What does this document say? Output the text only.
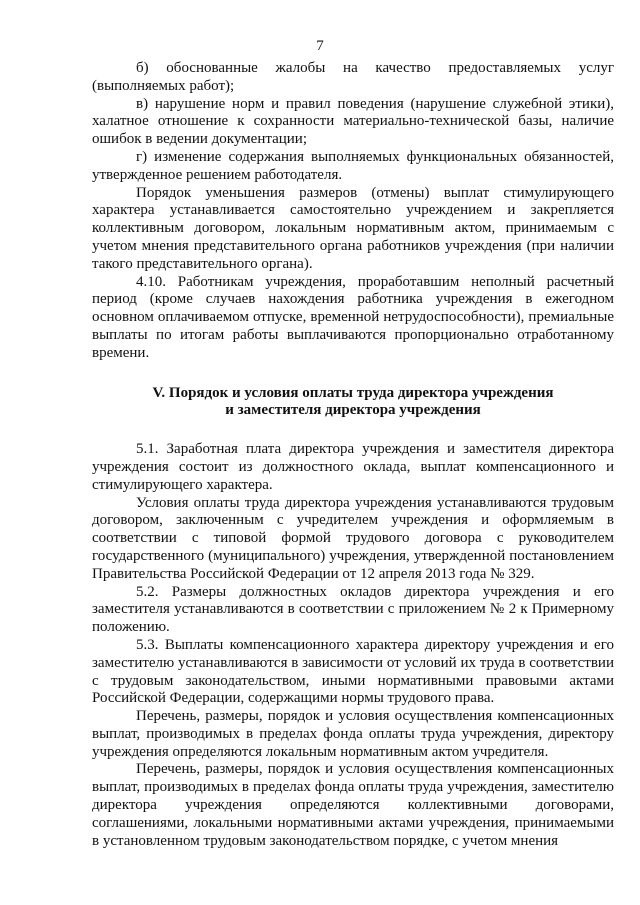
7

б) обоснованные жалобы на качество предоставляемых услуг (выполняемых работ);

в) нарушение норм и правил поведения (нарушение служебной этики), халатное отношение к сохранности материально-технической базы, наличие ошибок в ведении документации;

г) изменение содержания выполняемых функциональных обязанностей, утвержденное решением работодателя.

Порядок уменьшения размеров (отмены) выплат стимулирующего характера устанавливается самостоятельно учреждением и закрепляется коллективным договором, локальным нормативным актом, принимаемым с учетом мнения представительного органа работников учреждения (при наличии такого представительного органа).

4.10. Работникам учреждения, проработавшим неполный расчетный период (кроме случаев нахождения работника учреждения в ежегодном основном оплачиваемом отпуске, временной нетрудоспособности), премиальные выплаты по итогам работы выплачиваются пропорционально отработанному времени.

V. Порядок и условия оплаты труда директора учреждения
и заместителя директора учреждения

5.1. Заработная плата директора учреждения и заместителя директора учреждения состоит из должностного оклада, выплат компенсационного и стимулирующего характера.

Условия оплаты труда директора учреждения устанавливаются трудовым договором, заключенным с учредителем учреждения и оформляемым в соответствии с типовой формой трудового договора с руководителем государственного (муниципального) учреждения, утвержденной постановлением Правительства Российской Федерации от 12 апреля 2013 года № 329.

5.2. Размеры должностных окладов директора учреждения и его заместителя устанавливаются в соответствии с приложением № 2 к Примерному положению.

5.3. Выплаты компенсационного характера директору учреждения и его заместителю устанавливаются в зависимости от условий их труда в соответствии с трудовым законодательством, иными нормативными правовыми актами Российской Федерации, содержащими нормы трудового права.

Перечень, размеры, порядок и условия осуществления компенсационных выплат, производимых в пределах фонда оплаты труда учреждения, директору учреждения определяются локальным нормативным актом учредителя.

Перечень, размеры, порядок и условия осуществления компенсационных выплат, производимых в пределах фонда оплаты труда учреждения, заместителю директора учреждения определяются коллективными договорами, соглашениями, локальными нормативными актами учреждения, принимаемыми в установленном трудовым законодательством порядке, с учетом мнения
